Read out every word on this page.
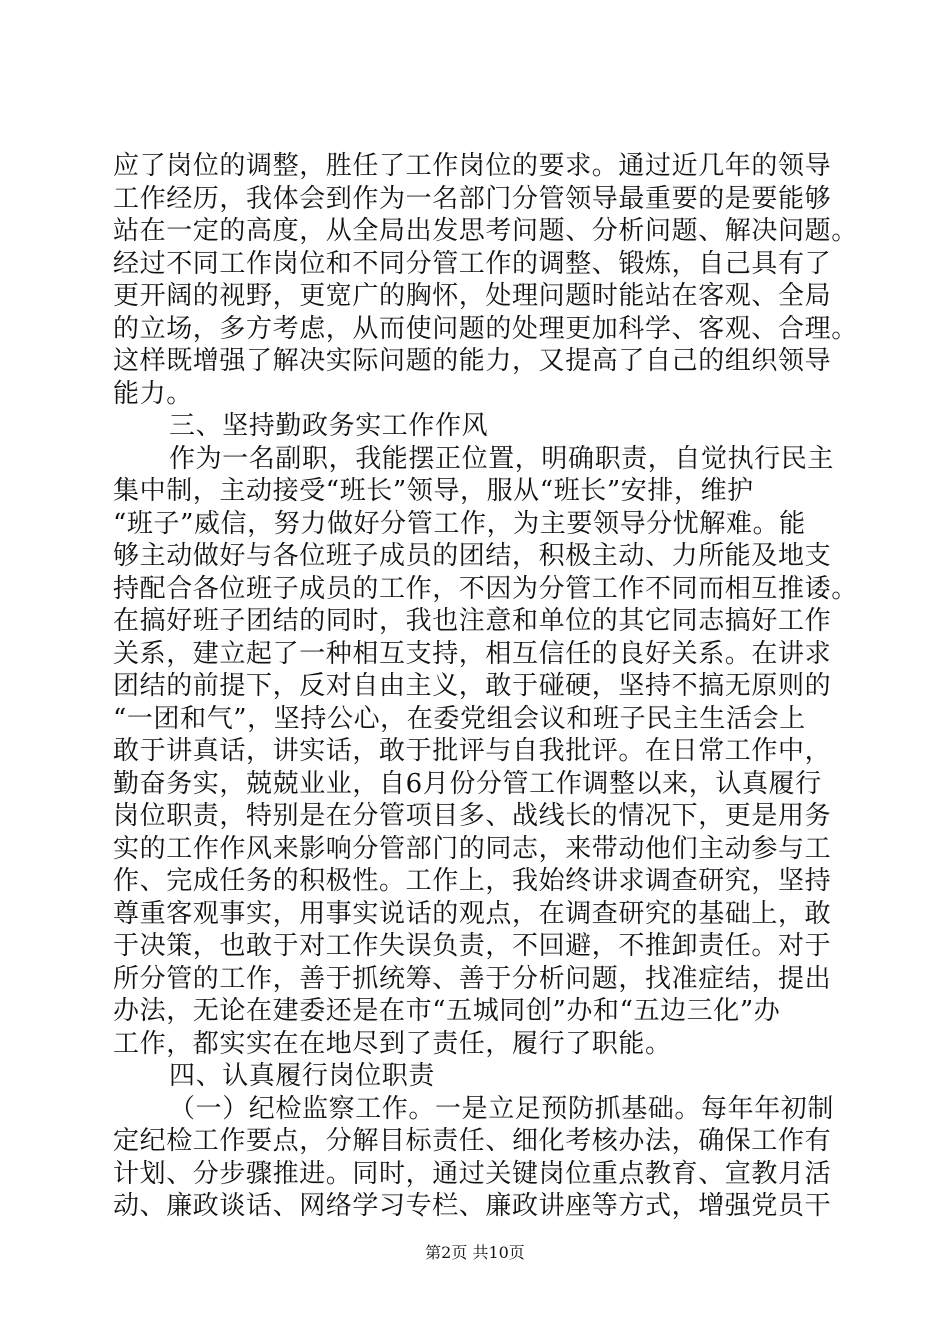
应了岗位的调整，胜任了工作岗位的要求。通过近几年的领导
工作经历，我体会到作为一名部门分管领导最重要的是要能够
站在一定的高度，从全局出发思考问题、分析问题、解决问题。
经过不同工作岗位和不同分管工作的调整、锻炼，自己具有了
更开阔的视野，更宽广的胸怀，处理问题时能站在客观、全局
的立场，多方考虑，从而使问题的处理更加科学、客观、合理。
这样既增强了解决实际问题的能力，又提高了自己的组织领导
能力。
三、坚持勤政务实工作作风
作为一名副职，我能摆正位置，明确职责，自觉执行民主
集中制，主动接受“班长”领导，服从“班长”安排，维护
“班子”威信，努力做好分管工作，为主要领导分忧解难。能
够主动做好与各位班子成员的团结，积极主动、力所能及地支
持配合各位班子成员的工作，不因为分管工作不同而相互推诿。
在搞好班子团结的同时，我也注意和单位的其它同志搞好工作
关系，建立起了一种相互支持，相互信任的良好关系。在讲求
团结的前提下，反对自由主义，敢于碰硬，坚持不搞无原则的
“一团和气”，坚持公心，在委党组会议和班子民主生活会上
敢于讲真话，讲实话，敢于批评与自我批评。在日常工作中，
勤奋务实，兢兢业业，自6月份分管工作调整以来，认真履行
岗位职责，特别是在分管项目多、战线长的情况下，更是用务
实的工作作风来影响分管部门的同志，来带动他们主动参与工
作、完成任务的积极性。工作上，我始终讲求调查研究，坚持
尊重客观事实，用事实说话的观点，在调查研究的基础上，敢
于决策，也敢于对工作失误负责，不回避，不推卸责任。对于
所分管的工作，善于抓统筹、善于分析问题，找准症结，提出
办法，无论在建委还是在市“五城同创”办和“五边三化”办
工作，都实实在在地尽到了责任，履行了职能。
四、认真履行岗位职责
（一）纪检监察工作。一是立足预防抓基础。每年年初制
定纪检工作要点，分解目标责任、细化考核办法，确保工作有
计划、分步骤推进。同时，通过关键岗位重点教育、宣教月活
动、廉政谈话、网络学习专栏、廉政讲座等方式，增强党员干
第2页 共10页
